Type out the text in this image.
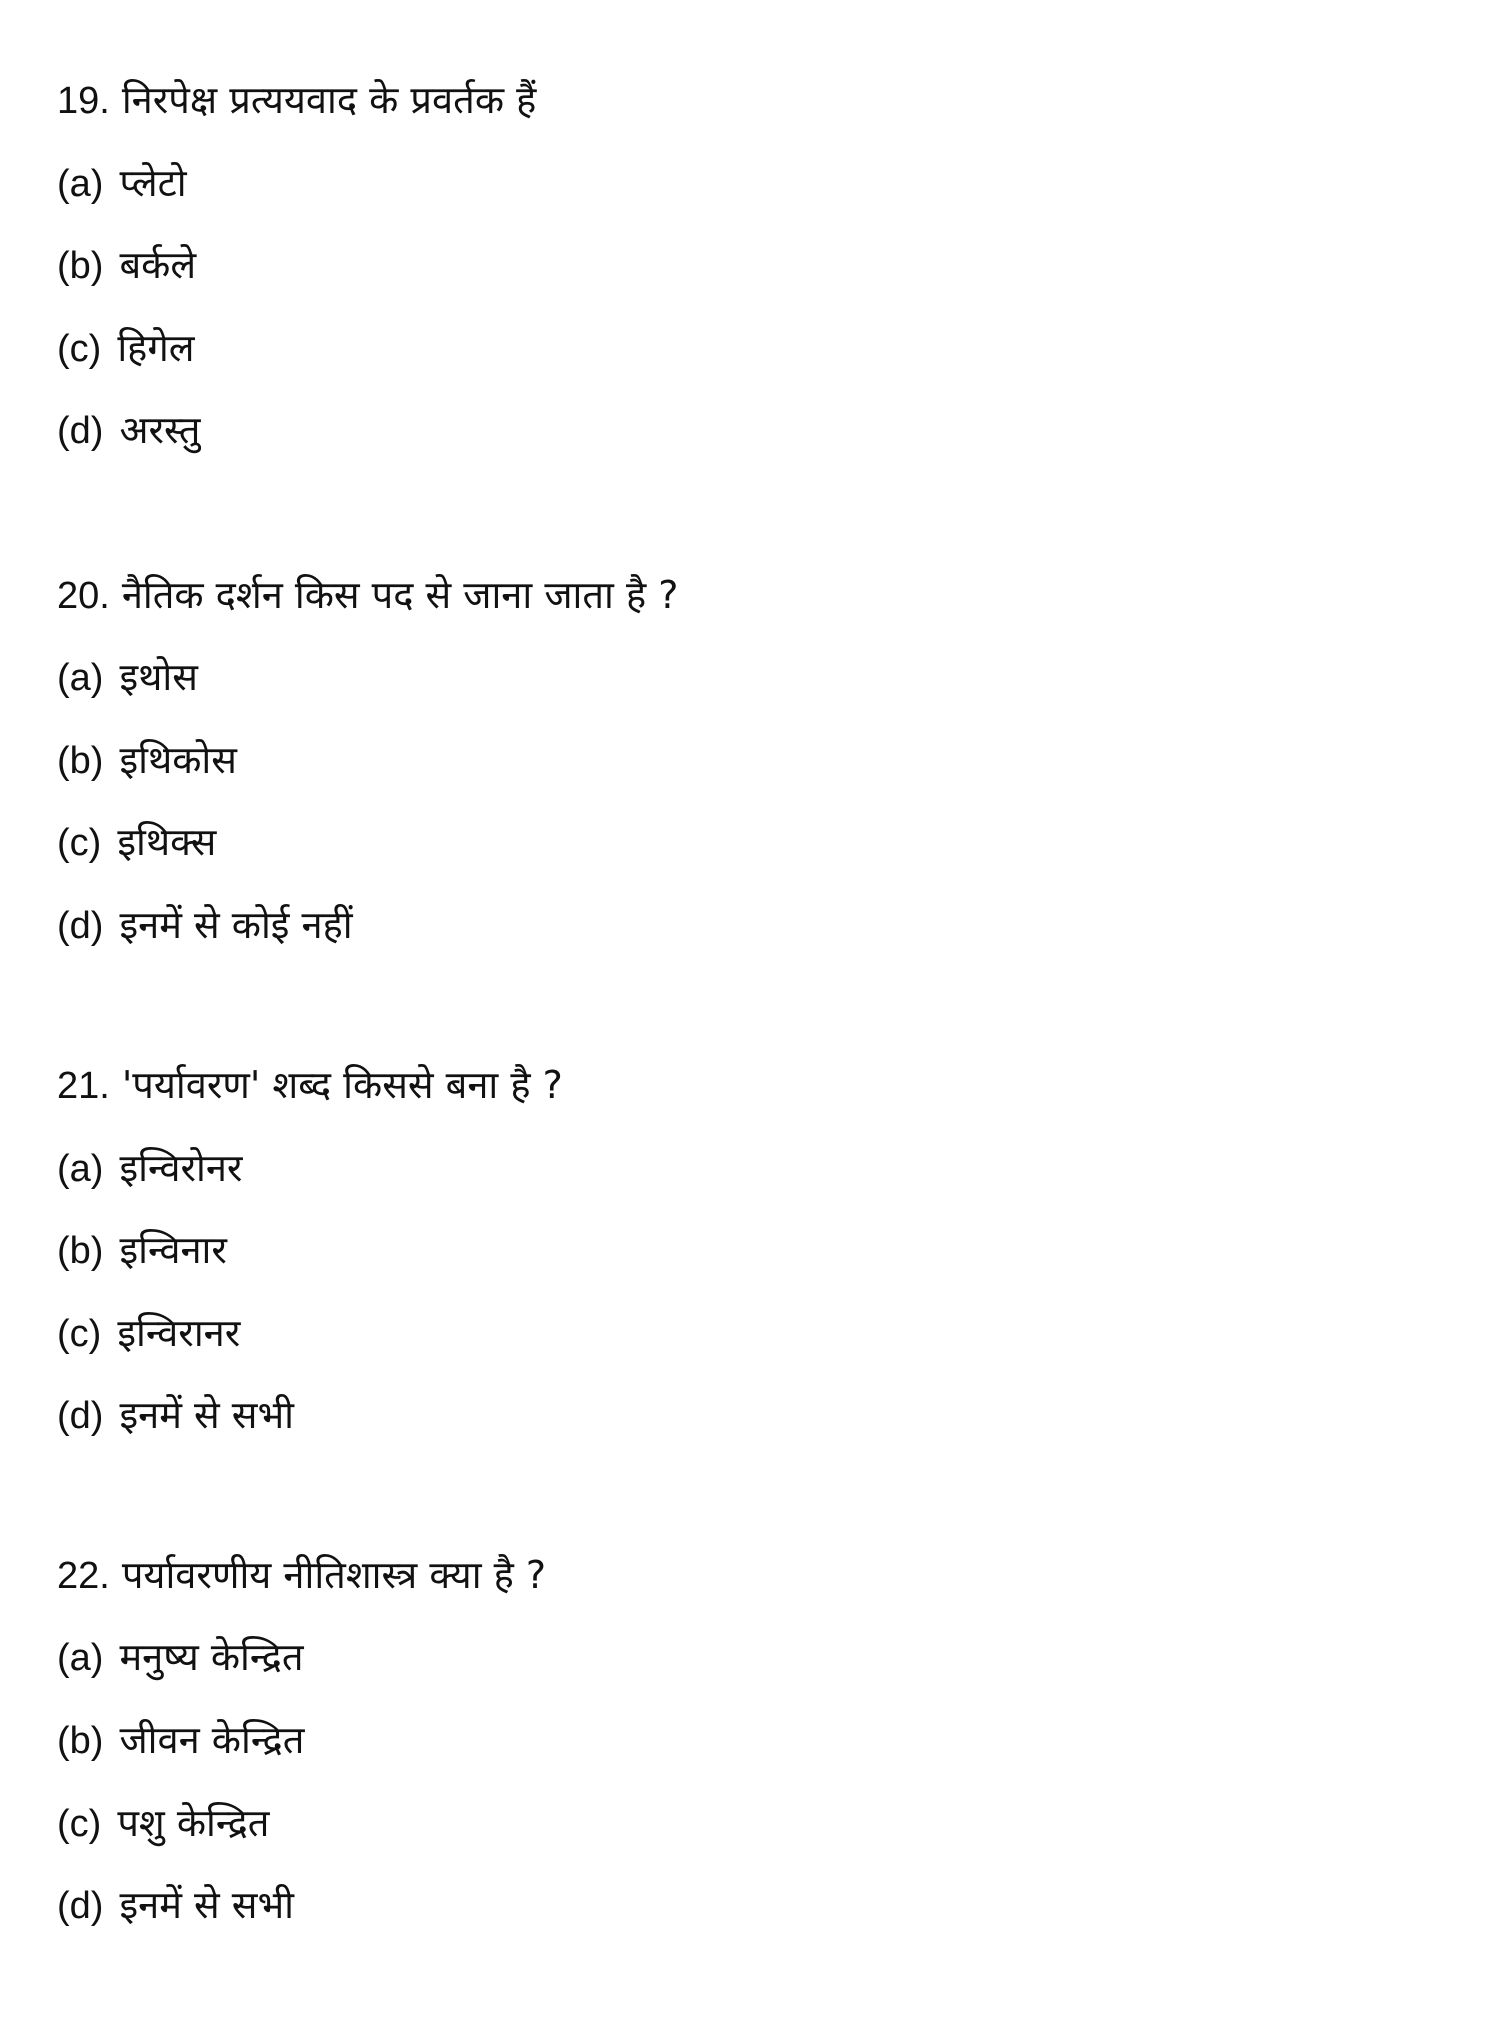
19. निरपेक्ष प्रत्ययवाद के प्रवर्तक हैं
(a) प्लेटो
(b) बर्कले
(c) हिगेल
(d) अरस्तु
20. नैतिक दर्शन किस पद से जाना जाता है ?
(a) इथोस
(b) इथिकोस
(c) इथिक्स
(d) इनमें से कोई नहीं
21. 'पर्यावरण' शब्द किससे बना है ?
(a) इन्विरोनर
(b) इन्विनार
(c) इन्विरानर
(d) इनमें से सभी
22. पर्यावरणीय नीतिशास्त्र क्या है ?
(a) मनुष्य केन्द्रित
(b) जीवन केन्द्रित
(c) पशु केन्द्रित
(d) इनमें से सभी
